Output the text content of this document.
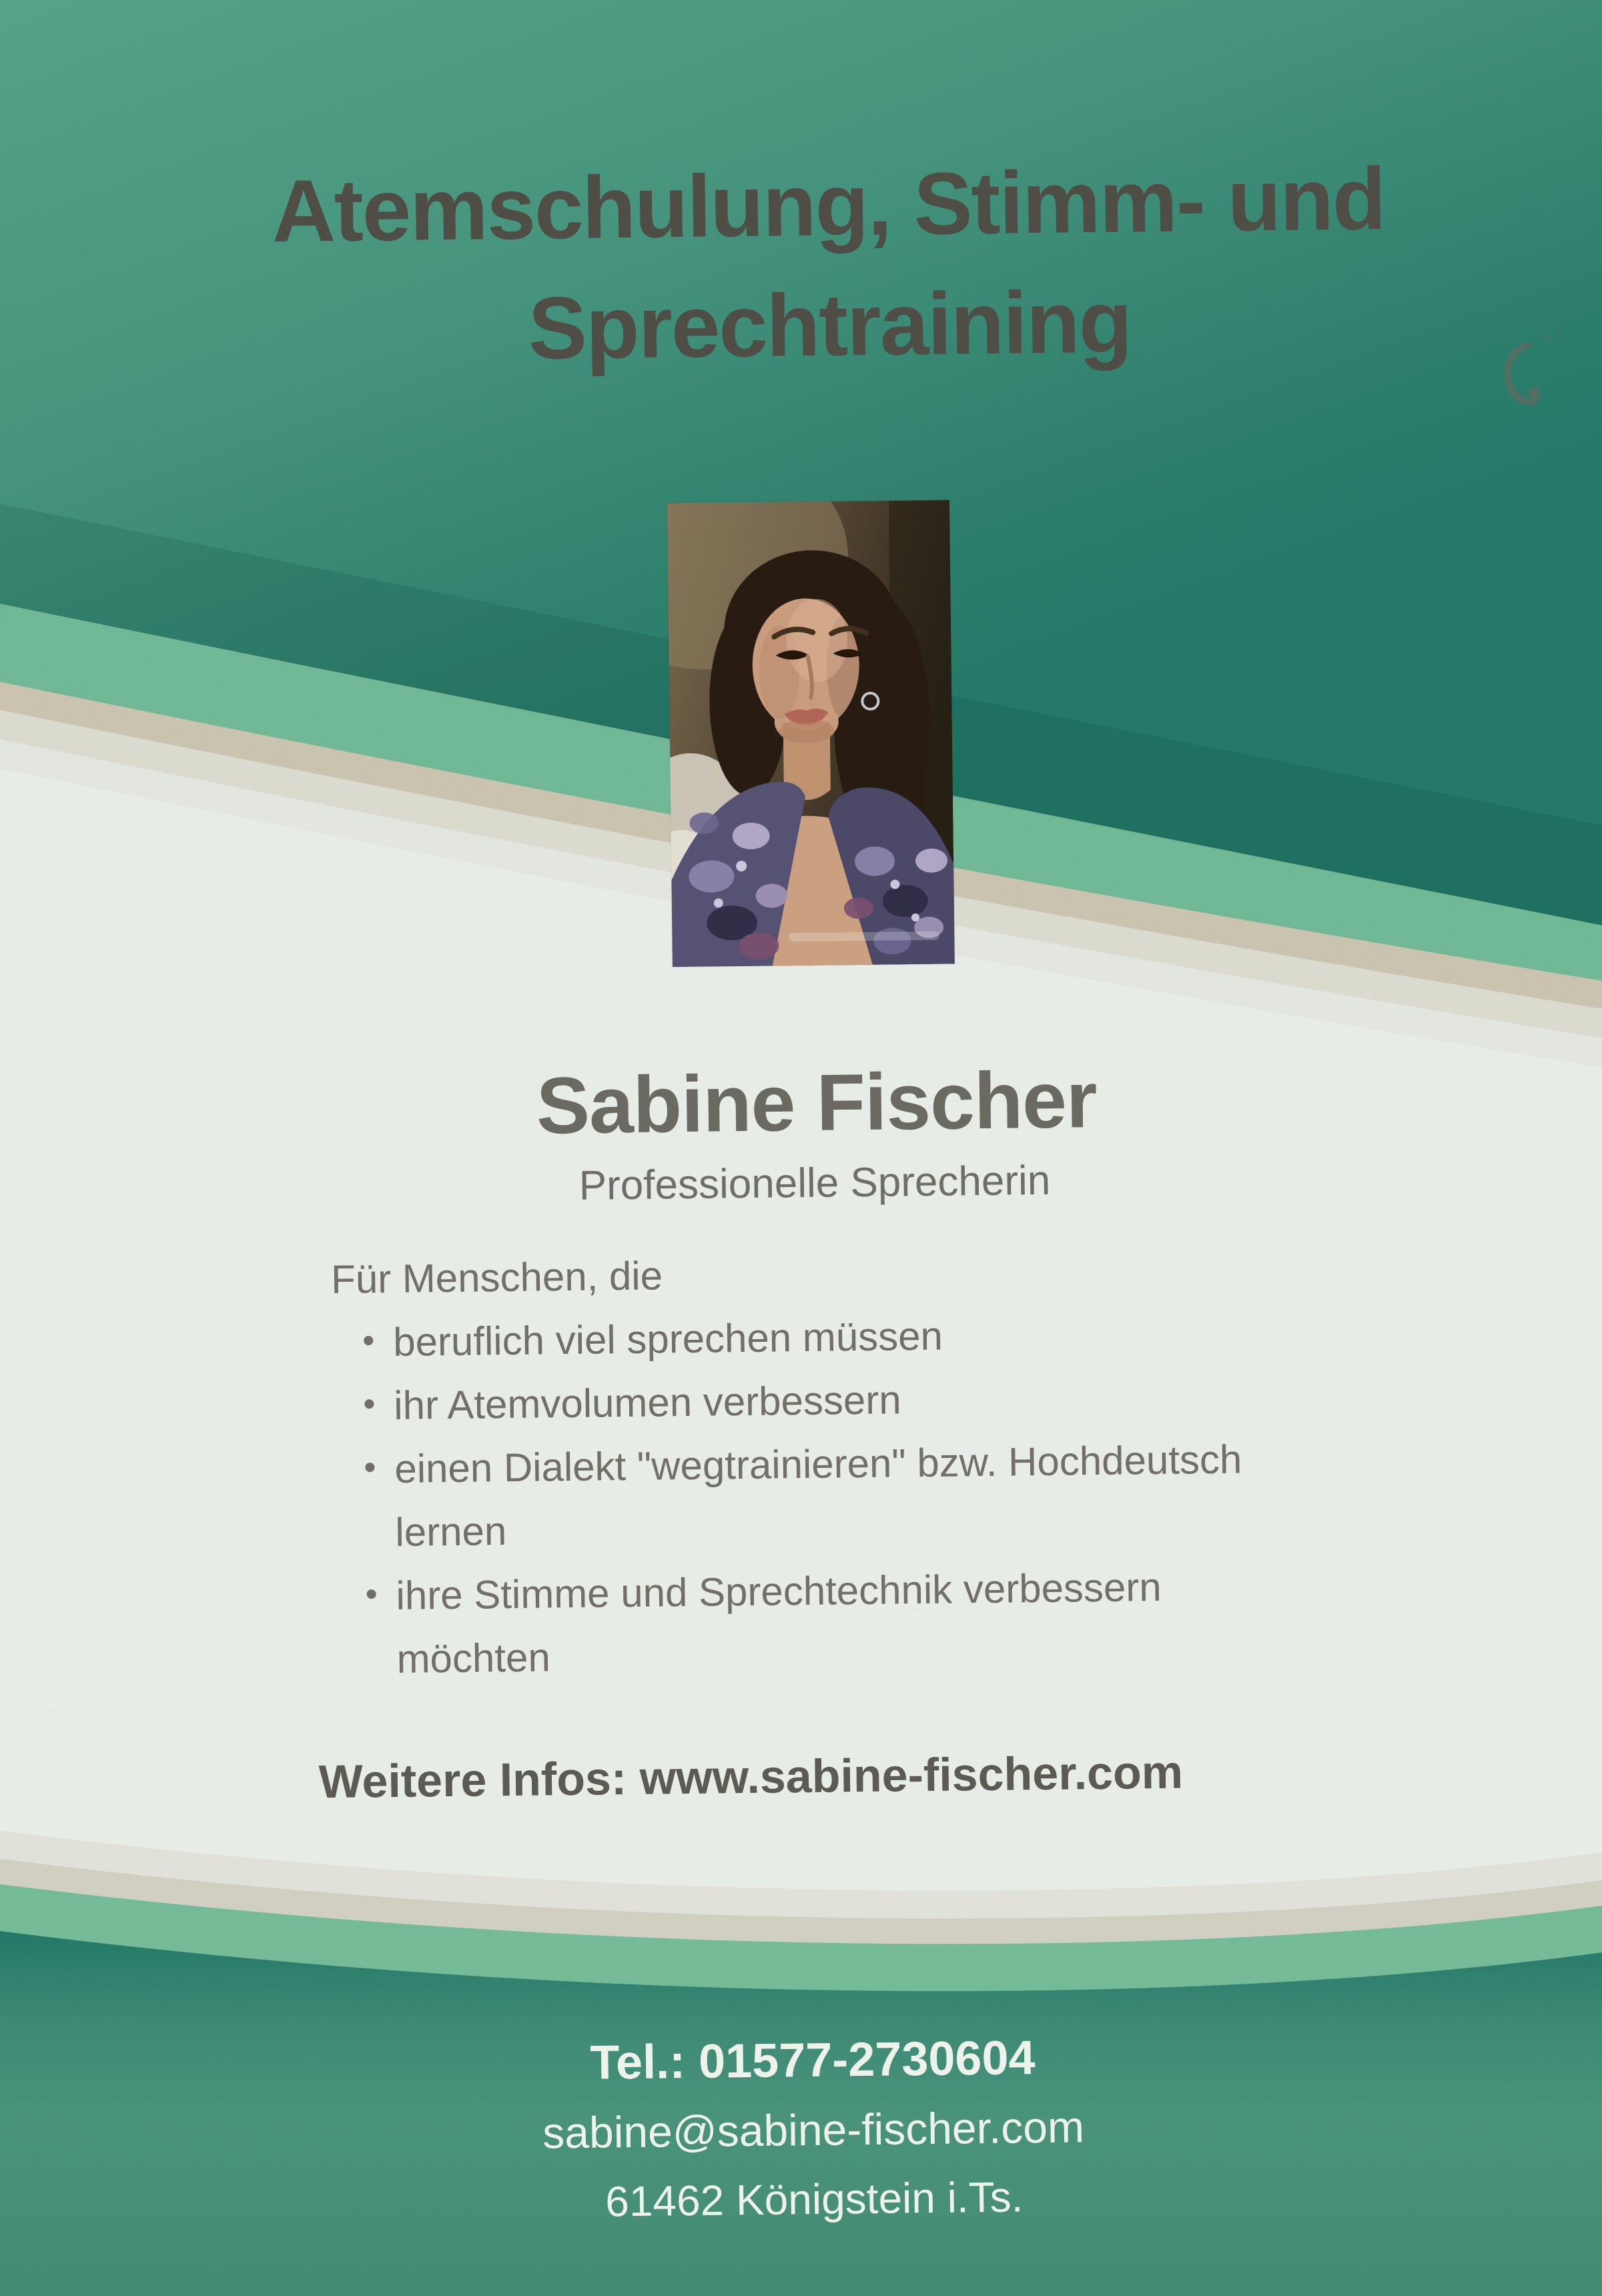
Atemschulung, Stimm- und
Sprechtraining
Sabine Fischer
Professionelle Sprecherin
Für Menschen, die
• beruflich viel sprechen müssen
• ihr Atemvolumen verbessern
• einen Dialekt "wegtrainieren" bzw. Hochdeutsch
lernen
• ihre Stimme und Sprechtechnik verbessern
möchten
Weitere Infos: www.sabine-fischer.com
Tel.: 01577-2730604
sabine@sabine-fischer.com
61462 Königstein i.Ts.
